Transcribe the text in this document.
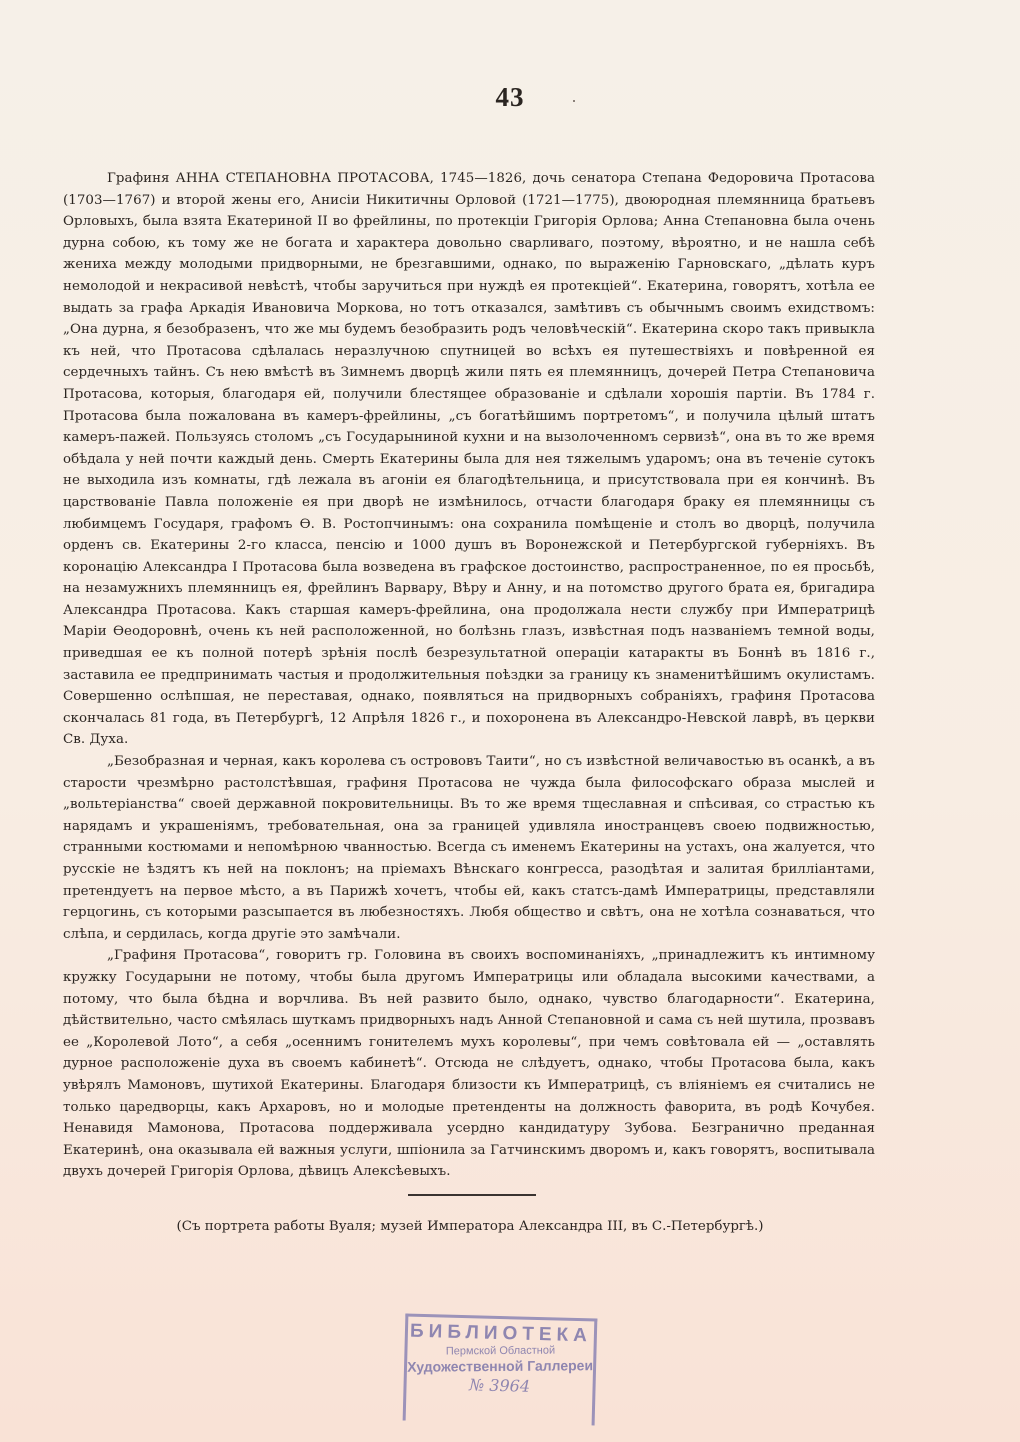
43

Графиня АННА СТЕПАНОВНА ПРОТАСОВА, 1745—1826, дочь сенатора Степана Федоровича Протасова (1703—1767) и второй жены его, Анисіи Никитичны Орловой (1721—1775), двоюродная племянница братьевъ Орловыхъ, была взята Екатериной II во фрейлины, по протекціи Григорія Орлова; Анна Степановна была очень дурна собою, къ тому же не богата и характера довольно сварливаго, поэтому, вѣроятно, и не нашла себѣ жениха между молодыми придворными, не брезгавшими, однако, по выраженію Гарновскаго, „дѣлать куръ немолодой и некрасивой невѣстѣ, чтобы заручиться при нуждѣ ея протекціей“. Екатерина, говорятъ, хотѣла ее выдать за графа Аркадія Ивановича Моркова, но тотъ отказался, замѣтивъ съ обычнымъ своимъ ехидствомъ: „Она дурна, я безобразенъ, что же мы будемъ безобразить родъ человѣческій“. Екатерина скоро такъ привыкла къ ней, что Протасова сдѣлалась неразлучною спутницей во всѣхъ ея путешествіяхъ и повѣренной ея сердечныхъ тайнъ. Съ нею вмѣстѣ въ Зимнемъ дворцѣ жили пять ея племянницъ, дочерей Петра Степановича Протасова, которыя, благодаря ей, получили блестящее образованіе и сдѣлали хорошія партіи. Въ 1784 г. Протасова была пожалована въ камеръ-фрейлины, „съ богатѣйшимъ портретомъ“, и получила цѣлый штатъ камеръ-пажей. Пользуясь столомъ „съ Государыниной кухни и на вызолоченномъ сервизѣ“, она въ то же время обѣдала у ней почти каждый день. Смерть Екатерины была для нея тяжелымъ ударомъ; она въ теченіе сутокъ не выходила изъ комнаты, гдѣ лежала въ агоніи ея благодѣтельница, и присутствовала при ея кончинѣ. Въ царствованіе Павла положеніе ея при дворѣ не измѣнилось, отчасти благодаря браку ея племянницы съ любимцемъ Государя, графомъ Ѳ. В. Ростопчинымъ: она сохранила помѣщеніе и столъ во дворцѣ, получила орденъ св. Екатерины 2-го класса, пенсію и 1000 душъ въ Воронежской и Петербургской губерніяхъ. Въ коронацію Александра I Протасова была возведена въ графское достоинство, распространенное, по ея просьбѣ, на незамужнихъ племянницъ ея, фрейлинъ Варвару, Вѣру и Анну, и на потомство другого брата ея, бригадира Александра Протасова. Какъ старшая камеръ-фрейлина, она продолжала нести службу при Императрицѣ Маріи Ѳеодоровнѣ, очень къ ней расположенной, но болѣзнь глазъ, извѣстная подъ названіемъ темной воды, приведшая ее къ полной потерѣ зрѣнія послѣ безрезультатной операціи катаракты въ Боннѣ въ 1816 г., заставила ее предпринимать частыя и продолжительныя поѣздки за границу къ знаменитѣйшимъ окулистамъ. Совершенно ослѣпшая, не переставая, однако, появляться на придворныхъ собраніяхъ, графиня Протасова скончалась 81 года, въ Петербургѣ, 12 Апрѣля 1826 г., и похоронена въ Александро-Невской лаврѣ, въ церкви Св. Духа.

„Безобразная и черная, какъ королева съ острововъ Таити“, но съ извѣстной величавостью въ осанкѣ, а въ старости чрезмѣрно растолстѣвшая, графиня Протасова не чужда была философскаго образа мыслей и „вольтеріанства“ своей державной покровительницы. Въ то же время тщеславная и спѣсивая, со страстью къ нарядамъ и украшеніямъ, требовательная, она за границей удивляла иностранцевъ своею подвижностью, странными костюмами и непомѣрною чванностью. Всегда съ именемъ Екатерины на устахъ, она жалуется, что русскіе не ѣздятъ къ ней на поклонъ; на пріемахъ Вѣнскаго конгресса, разодѣтая и залитая бриллiантами, претендуетъ на первое мѣсто, а въ Парижѣ хочетъ, чтобы ей, какъ статсъ-дамѣ Императрицы, представляли герцогинь, съ которыми разсыпается въ любезностяхъ. Любя общество и свѣтъ, она не хотѣла сознаваться, что слѣпа, и сердилась, когда другіе это замѣчали.

„Графиня Протасова“, говоритъ гр. Головина въ своихъ воспоминаніяхъ, „принадлежитъ къ интимному кружку Государыни не потому, чтобы была другомъ Императрицы или обладала высокими качествами, а потому, что была бѣдна и ворчлива. Въ ней развито было, однако, чувство благодарности“. Екатерина, дѣйствительно, часто смѣялась шуткамъ придворныхъ надъ Анной Степановной и сама съ ней шутила, прозвавъ ее „Королевой Лото“, а себя „осеннимъ гонителемъ мухъ королевы“, при чемъ совѣтовала ей — „оставлять дурное расположеніе духа въ своемъ кабинетѣ“. Отсюда не слѣдуетъ, однако, чтобы Протасова была, какъ увѣрялъ Мамоновъ, шутихой Екатерины. Благодаря близости къ Императрицѣ, съ вліяніемъ ея считались не только царедворцы, какъ Архаровъ, но и молодые претенденты на должность фаворита, въ родѣ Кочубея. Ненавидя Мамонова, Протасова поддерживала усердно кандидатуру Зубова. Безгранично преданная Екатеринѣ, она оказывала ей важныя услуги, шпіонила за Гатчинскимъ дворомъ и, какъ говорятъ, воспитывала двухъ дочерей Григорія Орлова, дѣвицъ Алексѣевыхъ.

(Съ портрета работы Вуаля; музей Императора Александра III, въ С.-Петербургѣ.)
БИБЛИОТЕКА
Пермской Областной
Художественной Галлереи
№ 3964
